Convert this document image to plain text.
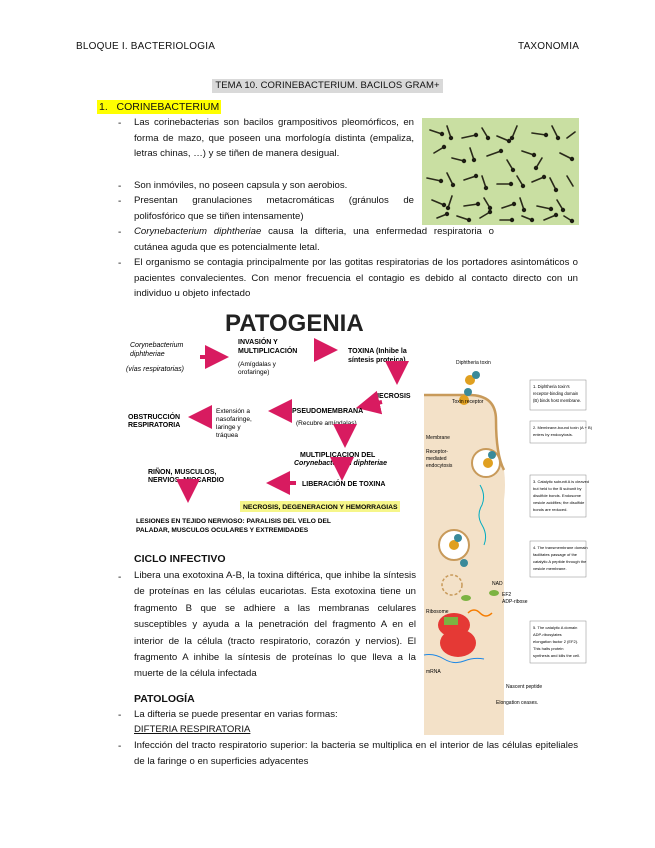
BLOQUE I. BACTERIOLOGIA	TAXONOMIA
TEMA 10. CORINEBACTERIUM. BACILOS GRAM+
1. CORINEBACTERIUM
- Las corinebacterias son bacilos grampositivos pleomórficos, en forma de mazo, que poseen una morfología distinta (empaliza, letras chinas, …) y se tiñen de manera desigual.
- Son inmóviles, no poseen capsula y son aerobios.
- Presentan granulaciones metacromáticas (gránulos de polifosfórico que se tiñen intensamente)
- Corynebacterium diphtheriae causa la difteria, una enfermedad respiratoria o cutánea aguda que es potencialmente letal.
- El organismo se contagia principalmente por las gotitas respiratorias de los portadores asintomáticos o pacientes convalecientes. Con menor frecuencia el contagio es debido al contacto directo con un individuo u objeto infectado
PATOGENIA
Corynebacterium
diphtheriae
(vías respiratorias)
INVASIÓN Y
MULTIPLICACIÓN
(Amígdalas y
orofaringe)
TOXINA (Inhibe la
síntesis proteica)
NECROSIS
PSEUDOMEMBRANA
(Recubre amígdalas)
Extensión a
nasofaringe,
laringe y
tráquea
OBSTRUCCIÓN
RESPIRATORIA
MULTIPLICACION DEL
Corynebacterium diphteriae
LIBERACIÓN DE TOXINA
RIÑON, MUSCULOS,
NERVIOS, MIOCARDIO
NECROSIS, DEGENERACION Y HEMORRAGIAS
LESIONES EN TEJIDO NERVIOSO: PARALISIS DEL VELO DEL
PALADAR, MUSCULOS OCULARES Y EXTREMIDADES
Diphtheria toxin
Toxin receptor
Membrane
Receptor-
mediated
endocytosis
NAD
EF2
ADP-ribose
Ribosome
mRNA
Nascent peptide
Elongation ceases.
1. Diphtheria toxin's
receptor-binding domain
(B) binds host membrane.
2. Membrane-bound toxin (A + B)
enters by endocytosis.
3. Catalytic subunit A is cleaved
but held to the B subunit by
disulfide bonds. Endosome
vesicle acidifies; the disulfide
bonds are reduced.
4. The transmembrane domain
facilitates passage of the
catalytic A peptide through the
vesicle membrane.
5. The catalytic A domain
ADP-ribosylates
elongation factor 2 (EF2).
This halts protein
synthesis and kills the cell.
CICLO INFECTIVO
- Libera una exotoxina A-B, la toxina diftérica, que inhibe la síntesis de proteínas en las células eucariotas. Esta exotoxina tiene un fragmento B que se adhiere a las membranas celulares susceptibles y ayuda a la penetración del fragmento A en el interior de la célula (tracto respiratorio, corazón y nervios). El fragmento A inhibe la síntesis de proteínas lo que lleva a la muerte de la célula infectada
PATOLOGÍA
- La difteria se puede presentar en varias formas:
DIFTERIA RESPIRATORIA
- Infección del tracto respiratorio superior: la bacteria se multiplica en el interior de las células epiteliales de la faringe o en superficies adyacentes
